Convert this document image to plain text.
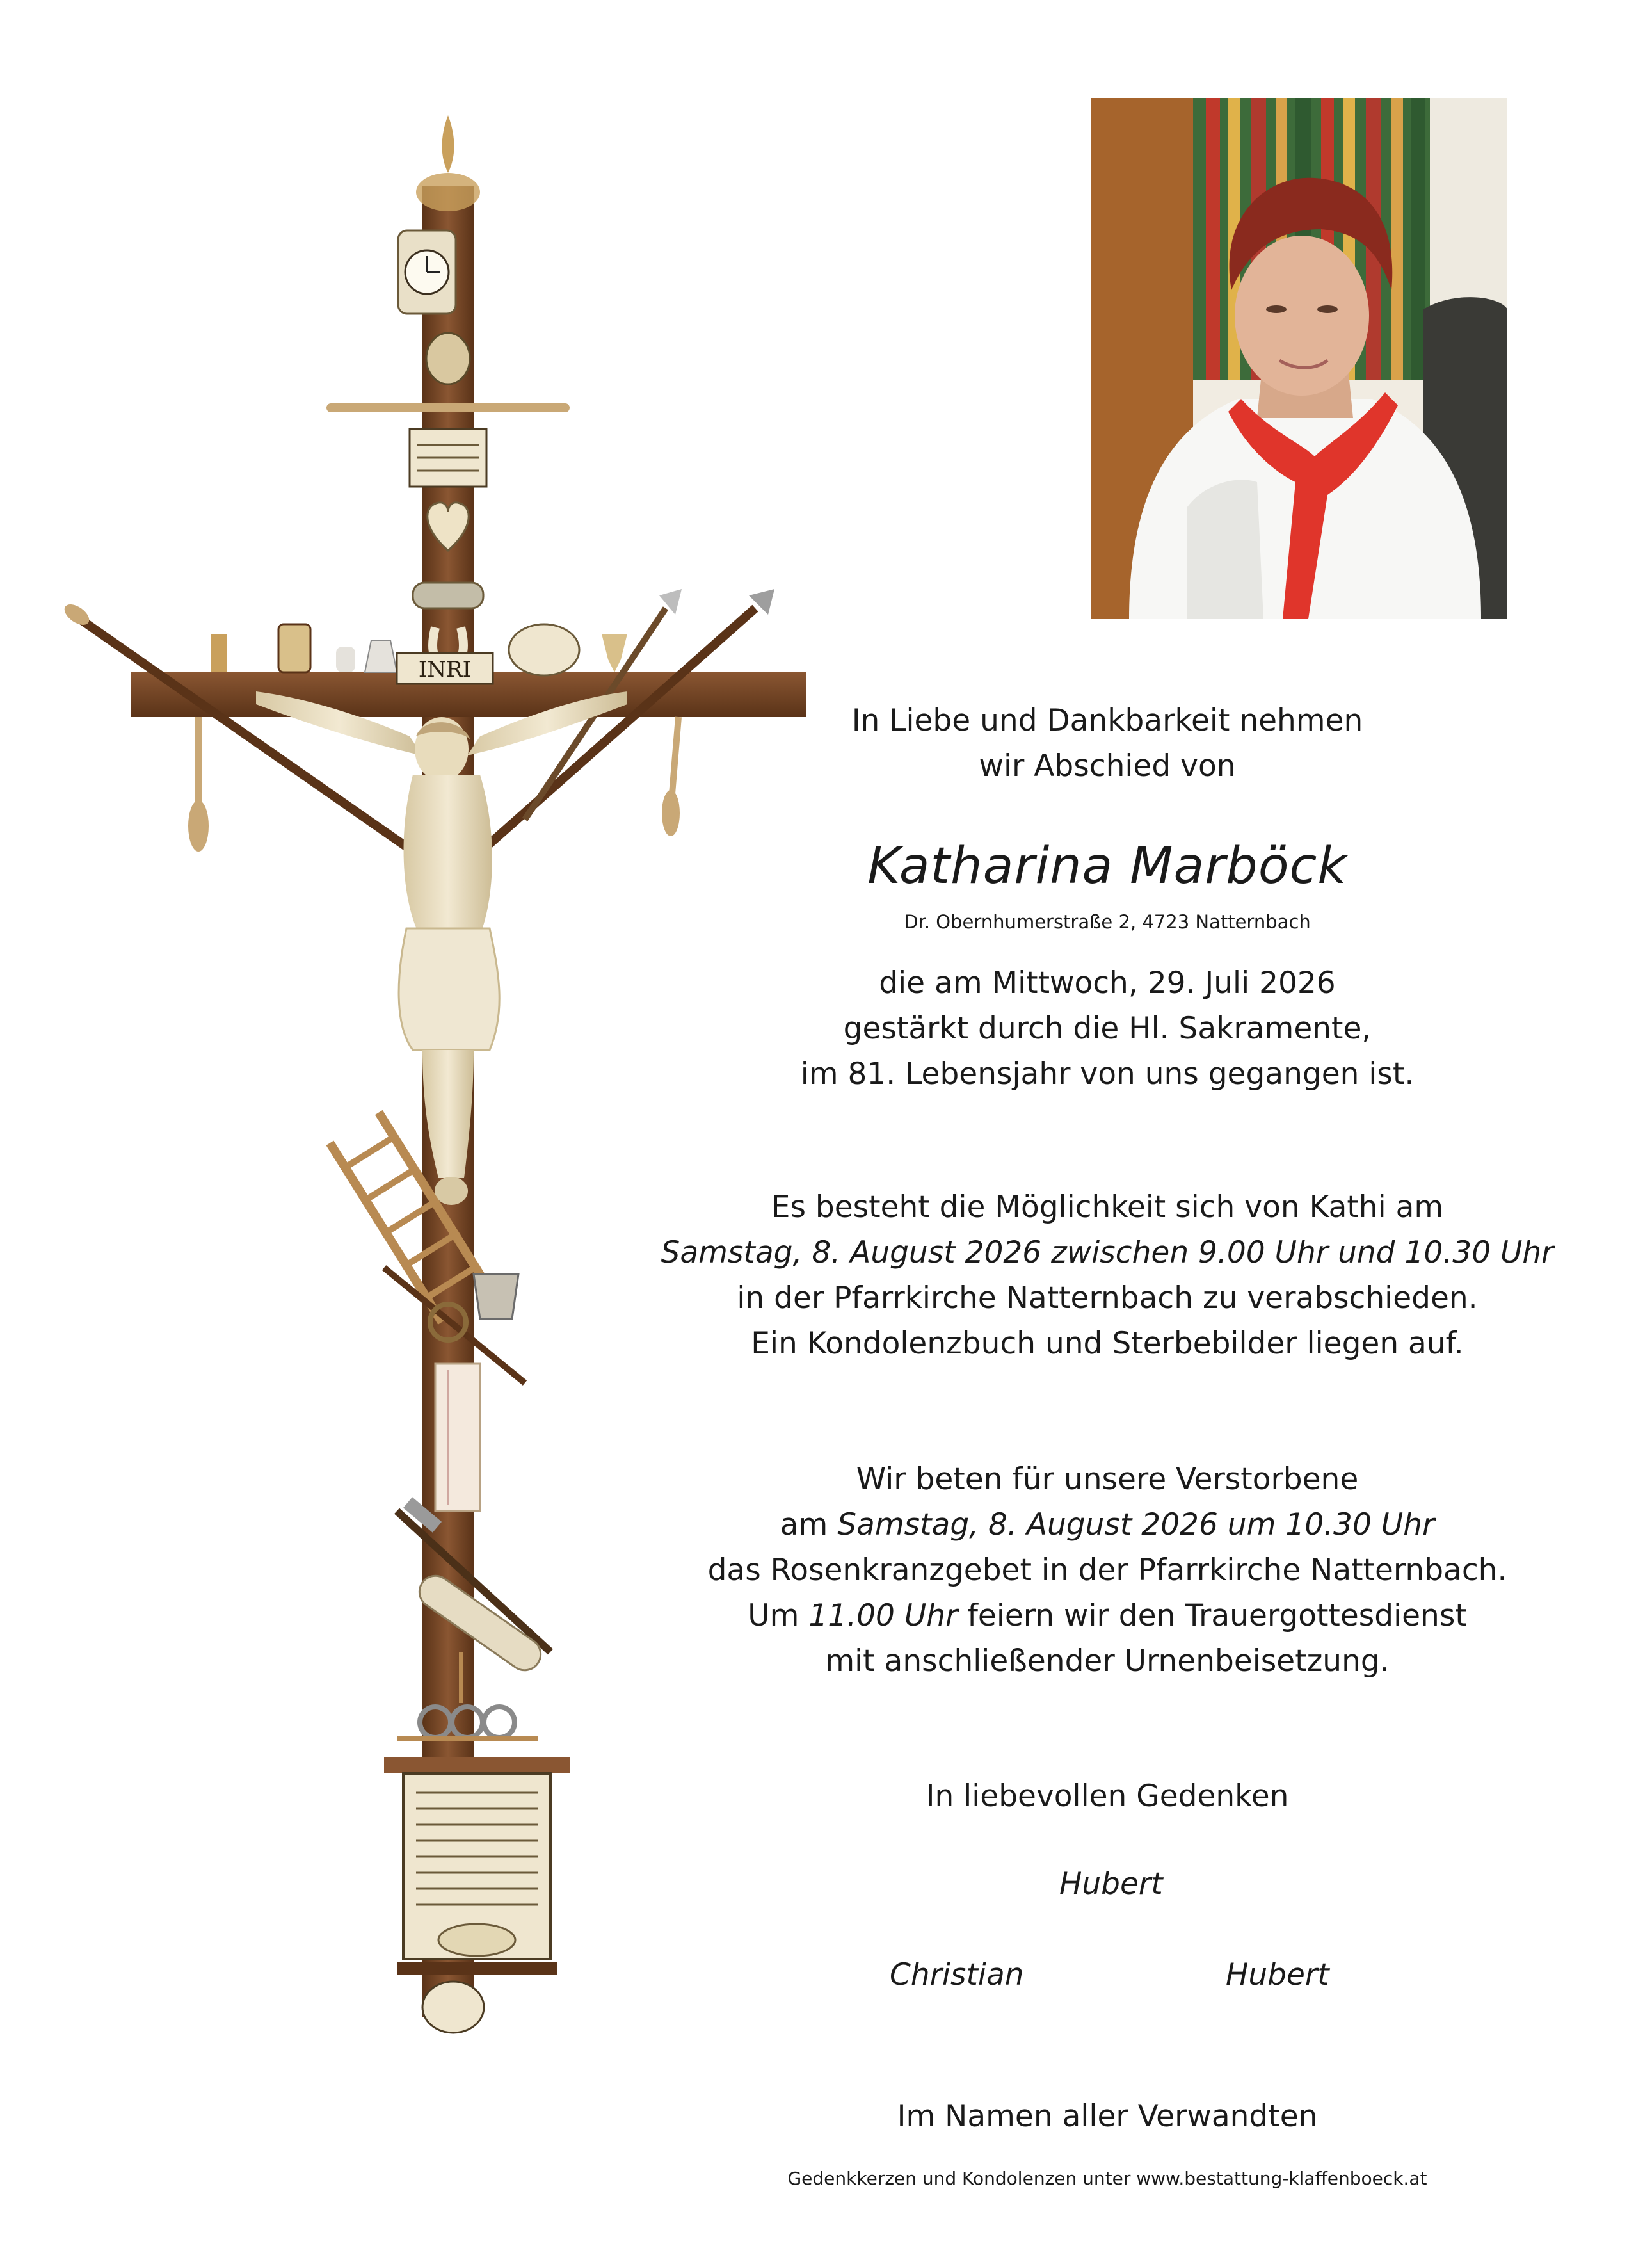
INRI
In Liebe und Dankbarkeit nehmen
wir Abschied von
Katharina Marböck
Dr. Obernhumerstraße 2, 4723 Natternbach
die am Mittwoch, 29. Juli 2026
gestärkt durch die Hl. Sakramente,
im 81. Lebensjahr von uns gegangen ist.
Es besteht die Möglichkeit sich von Kathi am
Samstag, 8. August 2026 zwischen 9.00 Uhr und 10.30 Uhr
in der Pfarrkirche Natternbach zu verabschieden.
Ein Kondolenzbuch und Sterbebilder liegen auf.
Wir beten für unsere Verstorbene
am Samstag, 8. August 2026 um 10.30 Uhr
das Rosenkranzgebet in der Pfarrkirche Natternbach.
Um 11.00 Uhr feiern wir den Trauergottesdienst
mit anschließender Urnenbeisetzung.
In liebevollen Gedenken
Hubert
Christian	Hubert
Im Namen aller Verwandten
Gedenkkerzen und Kondolenzen unter www.bestattung-klaffenboeck.at
